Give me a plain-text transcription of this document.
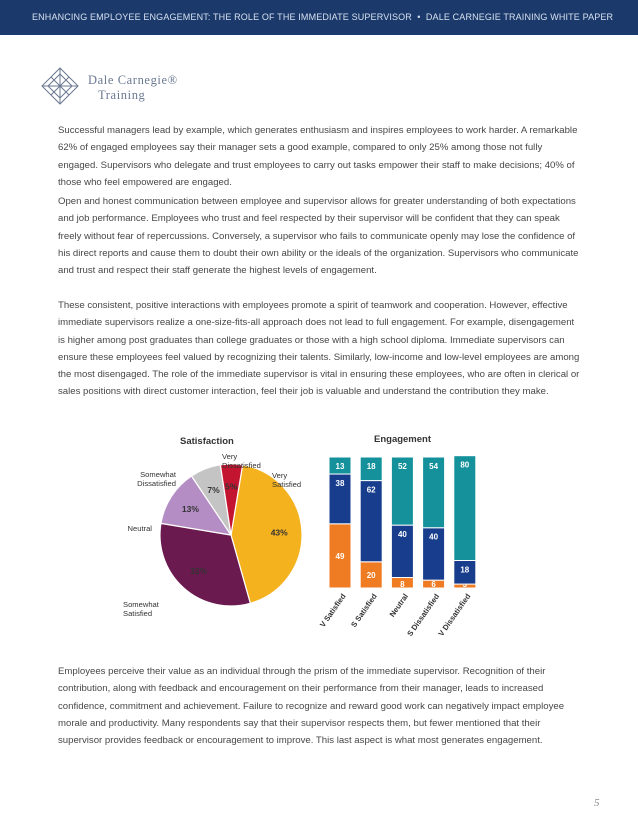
ENHANCING EMPLOYEE ENGAGEMENT: THE ROLE OF THE IMMEDIATE SUPERVISOR • DALE CARNEGIE TRAINING WHITE PAPER
Dale Carnegie®
Training

Successful managers lead by example, which generates enthusiasm and inspires employees to work harder. A remarkable 62% of engaged employees say their manager sets a good example, compared to only 25% among those not fully engaged. Supervisors who delegate and trust employees to carry out tasks empower their staff to make decisions; 40% of those who feel empowered are engaged.

Open and honest communication between employee and supervisor allows for greater understanding of both expectations and job performance. Employees who trust and feel respected by their supervisor will be confident that they can speak freely without fear of repercussions. Conversely, a supervisor who fails to communicate openly may lose the confidence of his direct reports and cause them to doubt their own ability or the ideals of the organization. Supervisors who communicate and trust and respect their staff generate the highest levels of engagement.

These consistent, positive interactions with employees promote a spirit of teamwork and cooperation. However, effective immediate supervisors realize a one-size-fits-all approach does not lead to full engagement. For example, disengagement is higher among post graduates than college graduates or those with a high school diploma. Immediate supervisors can ensure these employees feel valued by recognizing their talents. Similarly, low-income and low-level employees are among the most disengaged. The role of the immediate supervisor is vital in ensuring these employees, who are often in clerical or sales positions with direct customer interaction, feel their job is valuable and understand the contribution they make.

Satisfaction
43%
Very Satisfied
32%
Somewhat Satisfied
13%
Neutral
7%
Somewhat Dissatisfied	5%
Very Dissatisfied
Engagement
49
38
13
V Satisfied
20
62
18
S Satisfied
8
40
52
Neutral
6
40
54
S Dissatisfied
18
80
V Dissatisfied

Employees perceive their value as an individual through the prism of the immediate supervisor. Recognition of their contribution, along with feedback and encouragement on their performance from their manager, leads to increased confidence, commitment and achievement. Failure to recognize and reward good work can negatively impact employee morale and productivity. Many respondents say that their supervisor respects them, but fewer mentioned that their supervisor provides feedback or encouragement to improve. This last aspect is what most generates engagement.

5
